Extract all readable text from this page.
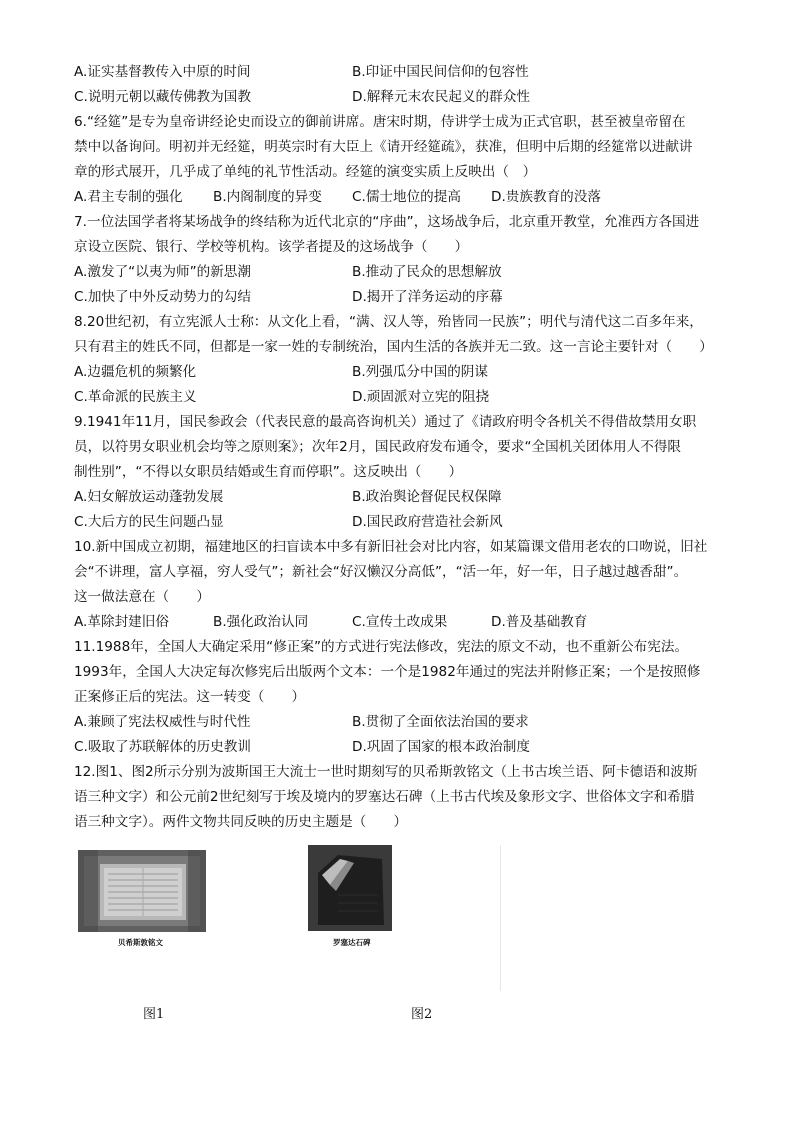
A.证实基督教传入中原的时间	B.印证中国民间信仰的包容性
C.说明元朝以藏传佛教为国教	D.解释元末农民起义的群众性
6.“经筵”是专为皇帝讲经论史而设立的御前讲席。唐宋时期，侍讲学士成为正式官职，甚至被皇帝留在
禁中以备询问。明初并无经筵，明英宗时有大臣上《请开经筵疏》，获准，但明中后期的经筵常以进献讲
章的形式展开，几乎成了单纯的礼节性活动。经筵的演变实质上反映出（　）
A.君主专制的强化 B.内阁制度的异变 C.儒士地位的提高 D.贵族教育的没落
7.一位法国学者将某场战争的终结称为近代北京的“序曲”，这场战争后，北京重开教堂，允准西方各国进
京设立医院、银行、学校等机构。该学者提及的这场战争（　　）
A.激发了“以夷为师”的新思潮	B.推动了民众的思想解放
C.加快了中外反动势力的勾结	D.揭开了洋务运动的序幕
8.20世纪初，有立宪派人士称：从文化上看，“满、汉人等，殆皆同一民族”；明代与清代这二百多年来，
只有君主的姓氏不同，但都是一家一姓的专制统治，国内生活的各族并无二致。这一言论主要针对（　　）
A.边疆危机的频繁化	B.列强瓜分中国的阴谋
C.革命派的民族主义	D.顽固派对立宪的阻挠
9.1941年11月，国民参政会（代表民意的最高咨询机关）通过了《请政府明令各机关不得借故禁用女职
员，以符男女职业机会均等之原则案》；次年2月，国民政府发布通令，要求“全国机关团体用人不得限
制性别”，“不得以女职员结婚或生育而停职”。这反映出（　　）
A.妇女解放运动蓬勃发展	B.政治舆论督促民权保障
C.大后方的民生问题凸显	D.国民政府营造社会新风
10.新中国成立初期，福建地区的扫盲读本中多有新旧社会对比内容，如某篇课文借用老农的口吻说，旧社
会“不讲理，富人享福，穷人受气”；新社会“好汉懒汉分高低”，“活一年，好一年，日子越过越香甜”。
这一做法意在（　　）
A.革除封建旧俗	B.强化政治认同	C.宣传土改成果	D.普及基础教育
11.1988年，全国人大确定采用“修正案”的方式进行宪法修改，宪法的原文不动，也不重新公布宪法。
1993年，全国人大决定每次修宪后出版两个文本：一个是1982年通过的宪法并附修正案；一个是按照修
正案修正后的宪法。这一转变（　　）
A.兼顾了宪法权威性与时代性	B.贯彻了全面依法治国的要求
C.吸取了苏联解体的历史教训	D.巩固了国家的根本政治制度
12.图1、图2所示分别为波斯国王大流士一世时期刻写的贝希斯敦铭文（上书古埃兰语、阿卡德语和波斯
语三种文字）和公元前2世纪刻写于埃及境内的罗塞达石碑（上书古代埃及象形文字、世俗体文字和希腊
语三种文字）。两件文物共同反映的历史主题是（　　）
贝希斯敦铭文	罗塞达石碑
图1	图2
